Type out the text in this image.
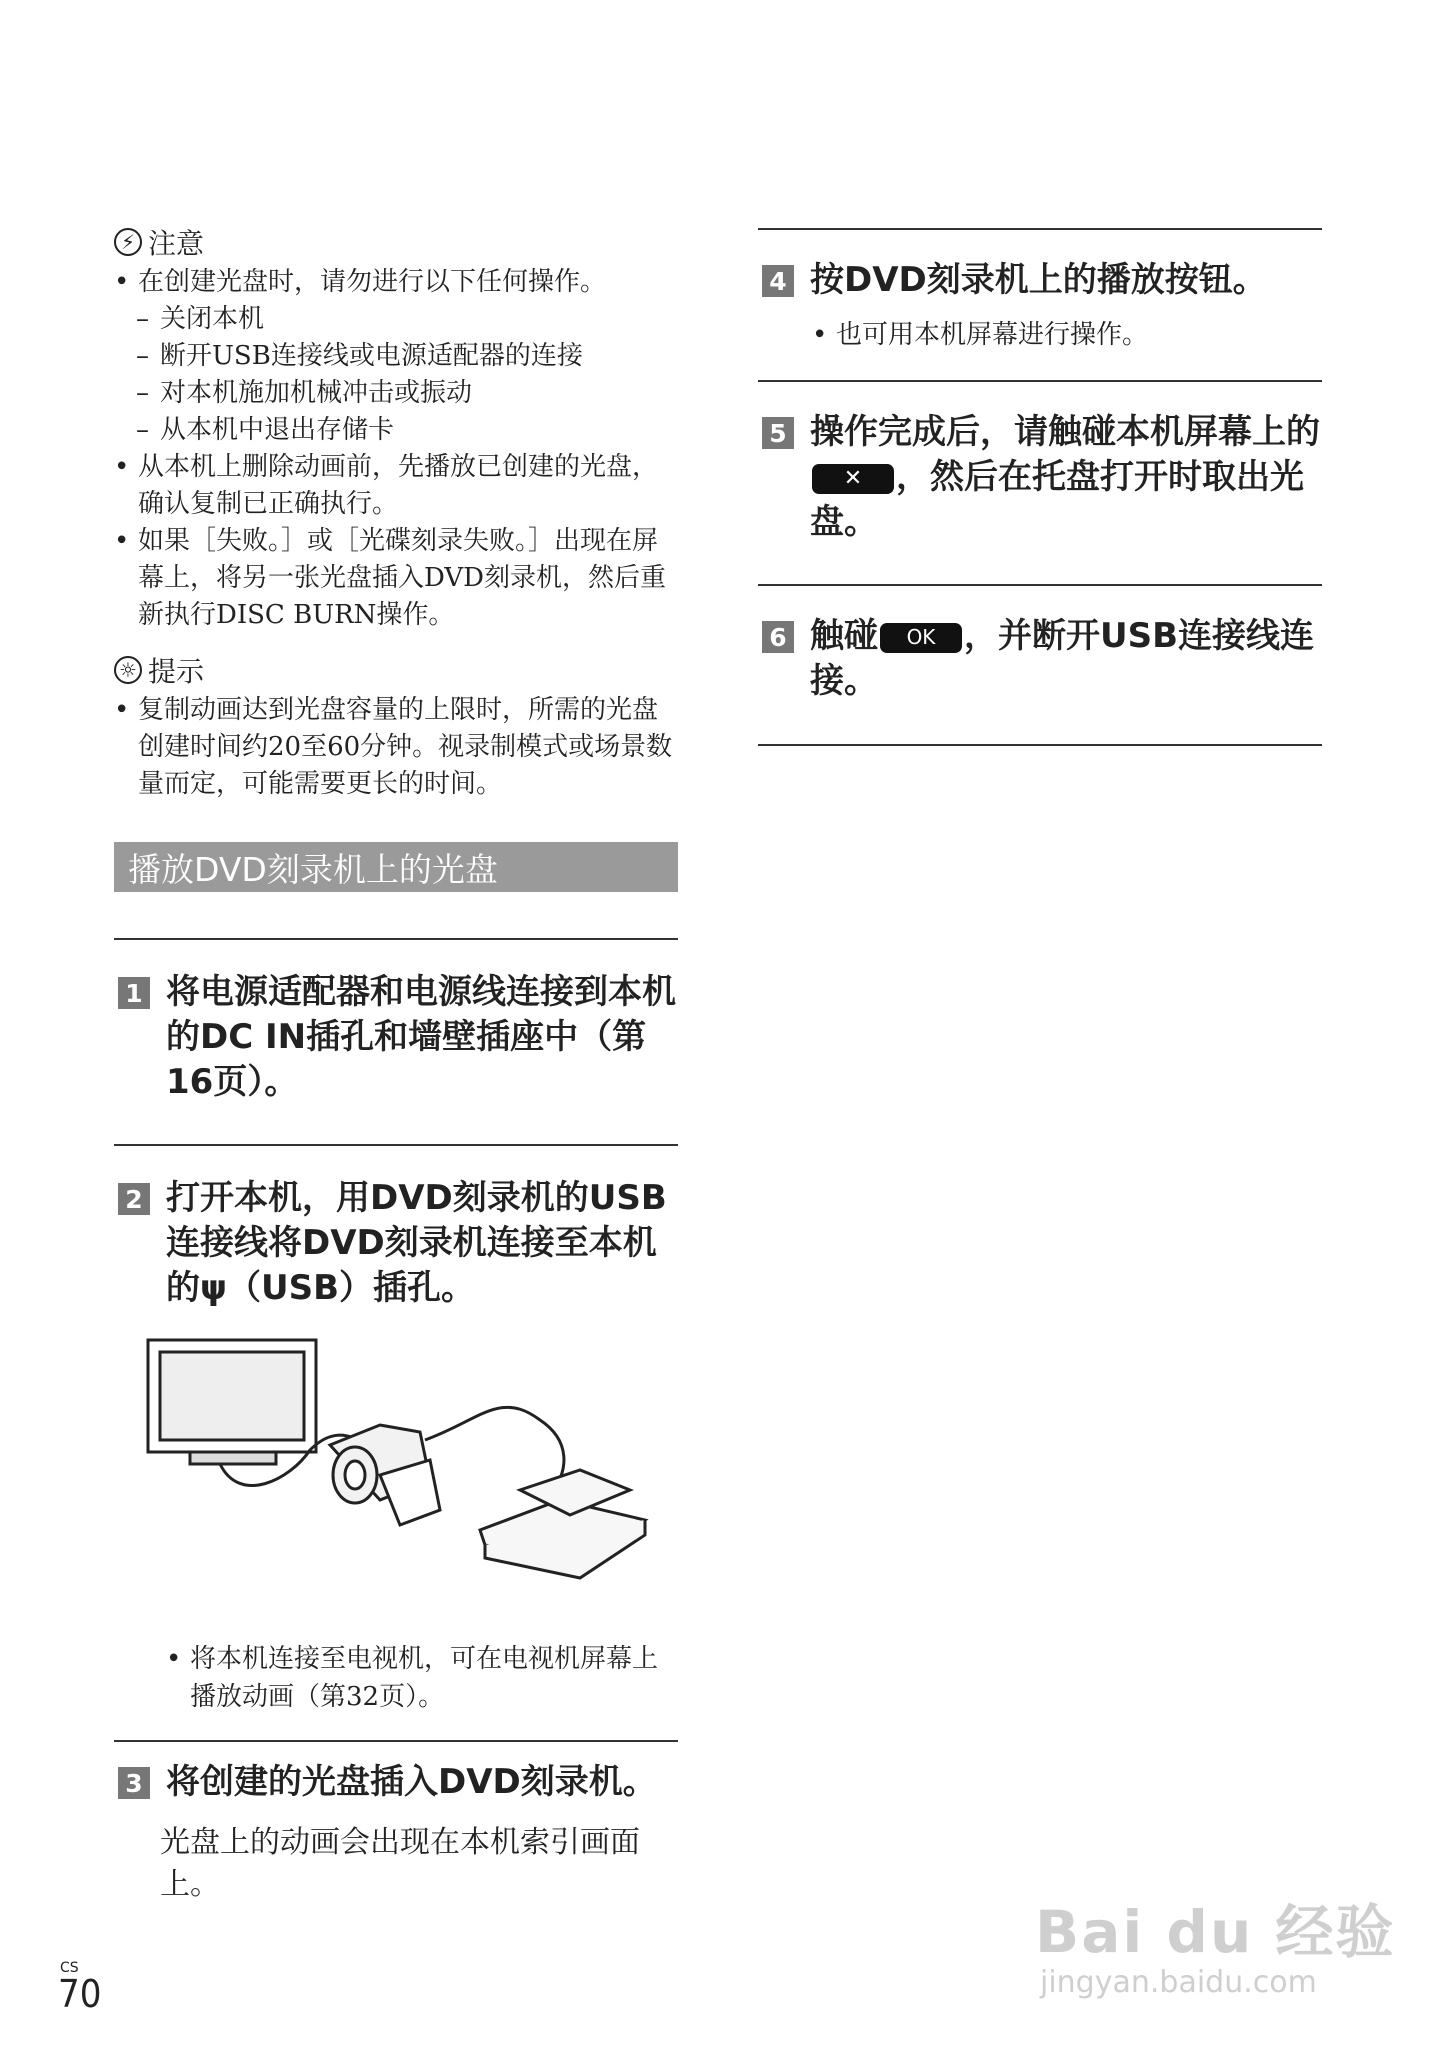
⚡ 注意
• 在创建光盘时，请勿进行以下任何操作。
– 关闭本机
– 断开USB连接线或电源适配器的连接
– 对本机施加机械冲击或振动
– 从本机中退出存储卡
• 从本机上删除动画前，先播放已创建的光盘，确认复制已正确执行。
• 如果［失败。］或［光碟刻录失败。］出现在屏幕上，将另一张光盘插入DVD刻录机，然后重新执行DISC BURN操作。
☼ 提示
• 复制动画达到光盘容量的上限时，所需的光盘创建时间约20至60分钟。视录制模式或场景数量而定，可能需要更长的时间。
播放DVD刻录机上的光盘
1 将电源适配器和电源线连接到本机的DC IN插孔和墙壁插座中（第16页）。
2 打开本机，用DVD刻录机的USB连接线将DVD刻录机连接至本机的ψ（USB）插孔。
• 将本机连接至电视机，可在电视机屏幕上播放动画（第32页）。
3 将创建的光盘插入DVD刻录机。
光盘上的动画会出现在本机索引画面上。
4 按DVD刻录机上的播放按钮。
• 也可用本机屏幕进行操作。
5 操作完成后，请触碰本机屏幕上的✕ ，然后在托盘打开时取出光盘。
6 触碰 OK ，并断开USB连接线连接。
CS
70
Bai du 经验
jingyan.baidu.com
